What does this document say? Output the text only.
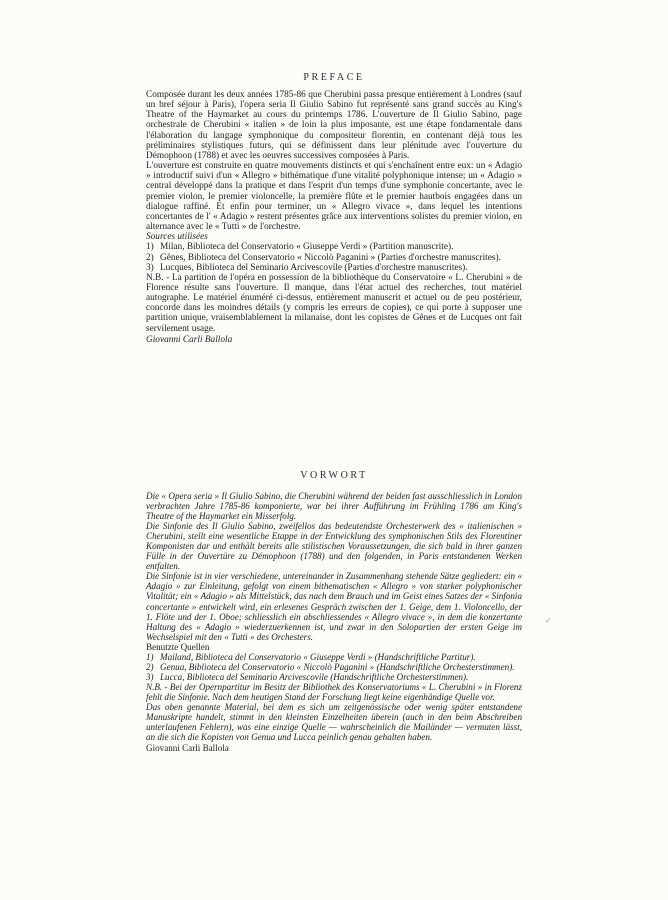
PREFACE

Composée durant les deux années 1785-86 que Cherubini passa presque entièrement à Londres (sauf un bref séjour à Paris), l'opera seria Il Giulio Sabino fut représenté sans grand succès au King's Theatre of the Haymarket au cours du printemps 1786. L'ouverture de Il Giulio Sabino, page orchestrale de Cherubini « italien » de loin la plus imposante, est une étape fondamentale dans l'élaboration du langage symphonique du compositeur florentin, en contenant déjà tous les préliminaires stylistiques futurs, qui se définissent dans leur plénitude avec l'ouverture du Démophoon (1788) et avec les oeuvres successives composées à Paris.

L'ouverture est construite en quatre mouvements distincts et qui s'enchaînent entre eux: un « Adagio » introductif suivi d'un « Allegro » bithématique d'une vitalité polyphonique intense; un « Adagio » central développé dans la pratique et dans l'esprit d'un temps d'une symphonie concertante, avec le premier violon, le premier violoncelle, la première flûte et le premier hautbois engagées dans un dialogue raffiné. Et enfin pour terminer, un « Allegro vivace », dans lequel les intentions concertantes de l' « Adagio » restent présentes grâce aux interventions solistes du premier violon, en alternance avec le « Tutti » de l'orchestre.

Sources utilisées

1) Milan, Biblioteca del Conservatorio « Giuseppe Verdi » (Partition manuscrite).
2) Gênes, Biblioteca del Conservatorio « Niccolò Paganini » (Parties d'orchestre manuscrites).
3) Lucques, Biblioteca del Seminario Arcivescovile (Parties d'orchestre manuscrites).

N.B. - La partition de l'opéra en possession de la bibliothèque du Conservatoire « L. Cherubini » de Florence résulte sans l'ouverture. Il manque, dans l'état actuel des recherches, tout matériel autographe. Le matériel énuméré ci-dessus, entièrement manuscrit et actuel ou de peu postérieur, concorde dans les moindres détails (y compris les erreurs de copies), ce qui porte à supposer une partition unique, vraisemblablement la milanaise, dont les copistes de Gênes et de Lucques ont fait servilement usage.

Giovanni Carli Ballola

VORWORT

Die « Opera seria » Il Giulio Sabino, die Cherubini während der beiden fast ausschliesslich in London verbrachten Jahre 1785-86 komponierte, war bei ihrer Aufführung im Frühling 1786 am King's Theatre of the Haymarket ein Misserfolg.

Die Sinfonie des Il Giulio Sabino, zweifellos das bedeutendste Orchesterwerk des « italienischen » Cherubini, stellt eine wesentliche Etappe in der Entwicklung des symphonischen Stils des Florentiner Komponisten dar und enthält bereits alle stilistischen Voraussetzungen, die sich bald in ihrer ganzen Fülle in der Ouvertüre zu Démophoon (1788) und den folgenden, in Paris entstandenen Werken entfalten.

Die Sinfonie ist in vier verschiedene, untereinander in Zusammenhang stehende Sätze gegliedert: ein « Adagio » zur Einleitung, gefolgt von einem bithematischen « Allegro » von starker polyphonischer Vitalität; ein « Adagio » als Mittelstück, das nach dem Brauch und im Geist eines Satzes der « Sinfonia concertante » entwickelt wird, ein erlesenes Gespräch zwischen der 1. Geige, dem 1. Violoncello, der 1. Flöte und der 1. Oboe; schliesslich ein abschliessendes « Allegro vivace », in dem die konzertante Haltung des « Adagio » wiederzuerkennen ist, und zwar in den Solopartien der ersten Geige im Wechselspiel mit den « Tutti » des Orchesters.

Benutzte Quellen

1) Mailand, Biblioteca del Conservatorio « Giuseppe Verdi » (Handschriftliche Partitur).
2) Genua, Biblioteca del Conservatorio « Niccolò Paganini » (Handschriftliche Orchesterstimmen).
3) Lucca, Biblioteca del Seminario Arcivescovile (Handschriftliche Orchesterstimmen).

N.B. - Bei der Opernpartitur im Besitz der Bibliothek des Konservatoriums « L. Cherubini » in Florenz fehlt die Sinfonie. Nach dem heutigen Stand der Forschung liegt keine eigenhändige Quelle vor.

Das oben genannte Material, bei dem es sich um zeitgenössische oder wenig später entstandene Manuskripte handelt, stimmt in den kleinsten Einzelheiten überein (auch in den beim Abschreiben unterlaufenen Fehlern), was eine einzige Quelle — wahrscheinlich die Mailänder — vermuten lässt, an die sich die Kopisten von Genua und Lucca peinlich genau gehalten haben.

Giovanni Carli Ballola

✓
